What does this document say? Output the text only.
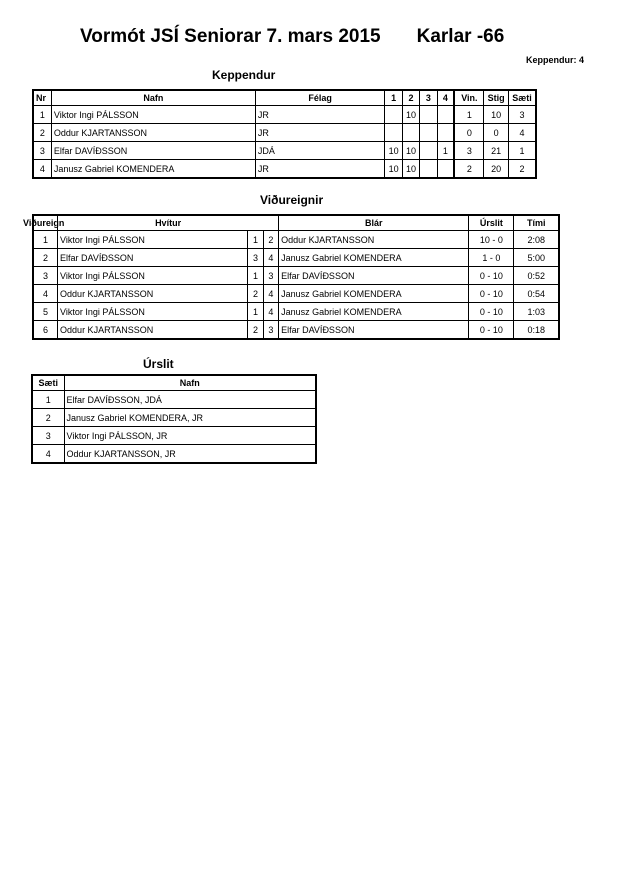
Vormót JSÍ Seniorar 7. mars 2015 Karlar -66
Keppendur: 4
Keppendur
Nr	Nafn	Félag	1	2	3	4	Vin.	Stig	Sæti
1	Viktor Ingi PÁLSSON	JR		10			1	10	3
2	Oddur KJARTANSSON	JR					0	0	4
3	Elfar DAVÍÐSSON	JDÁ	10	10		1	3	21	1
4	Janusz Gabriel KOMENDERA	JR	10	10			2	20	2
Viðureignir
Viðureign	Hvítur			Blár	Úrslit	Tími
1	Viktor Ingi PÁLSSON	1	2	Oddur KJARTANSSON	10 - 0	2:08
2	Elfar DAVÍÐSSON	3	4	Janusz Gabriel KOMENDERA	1 - 0	5:00
3	Viktor Ingi PÁLSSON	1	3	Elfar DAVÍÐSSON	0 - 10	0:52
4	Oddur KJARTANSSON	2	4	Janusz Gabriel KOMENDERA	0 - 10	0:54
5	Viktor Ingi PÁLSSON	1	4	Janusz Gabriel KOMENDERA	0 - 10	1:03
6	Oddur KJARTANSSON	2	3	Elfar DAVÍÐSSON	0 - 10	0:18
Úrslit
Sæti	Nafn
1	Elfar DAVÍÐSSON, JDÁ
2	Janusz Gabriel KOMENDERA, JR
3	Viktor Ingi PÁLSSON, JR
4	Oddur KJARTANSSON, JR
